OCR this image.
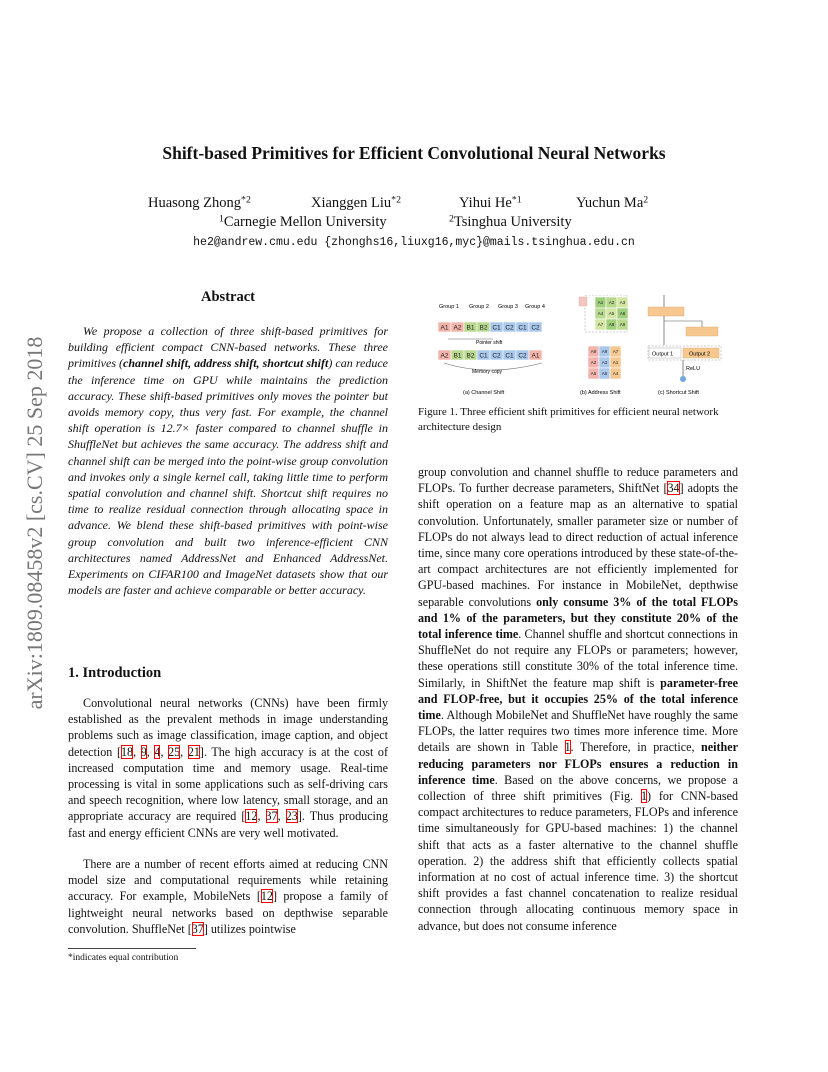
Shift-based Primitives for Efficient Convolutional Neural Networks
Huasong Zhong$^{*2}$	Xianggen Liu$^{*2}$	Yihui He$^{*1}$	Yuchun Ma$^2$
$^1$ Carnegie Mellon University	$^2$ Tsinghua University
he2@andrew.cmu.edu {zhonghs16,liuxg16,myc}@mails.tsinghua.edu.cn
arXiv:1809.08458v2 [cs.CV] 25 Sep 2018
Abstract

We propose a collection of three shift-based primitives for building efficient compact CNN-based networks. These three primitives (channel shift, address shift, shortcut shift) can reduce the inference time on GPU while maintains the prediction accuracy. These shift-based primitives only moves the pointer but avoids memory copy, thus very fast. For example, the channel shift operation is 12.7× faster compared to channel shuffle in ShuffleNet but achieves the same accuracy. The address shift and channel shift can be merged into the point-wise group convolution and invokes only a single kernel call, taking little time to perform spatial convolution and channel shift. Shortcut shift requires no time to realize residual connection through allocating space in advance. We blend these shift-based primitives with point-wise group convolution and built two inference-efficient CNN architectures named AddressNet and Enhanced AddressNet. Experiments on CIFAR100 and ImageNet datasets show that our models are faster and achieve comparable or better accuracy.

1. Introduction

Convolutional neural networks (CNNs) have been firmly established as the prevalent methods in image understanding problems such as image classification, image caption, and object detection [18, 9, 4, 25, 21]. The high accuracy is at the cost of increased computation time and memory usage. Real-time processing is vital in some applications such as self-driving cars and speech recognition, where low latency, small storage, and an appropriate accuracy are required [12, 37, 23]. Thus producing fast and energy efficient CNNs are very well motivated.

There are a number of recent efforts aimed at reducing CNN model size and computational requirements while retaining accuracy. For example, MobileNets [12] propose a family of lightweight neural networks based on depthwise separable convolution. ShuffleNet [37] utilizes pointwise

*indicates equal contribution
Group 1 Group 2 Group 3 Group 4
A1 A2 B1 B2 C1 C2 C1 C2
Pointer shift
A2 B1 B2 C1 C2 C1 C2 A1
Memory copy
(a) Channel Shift
A1 A2 A3
A4 A5 A6
A7 A8 A9
A8 A9 A7
A2 A3 A1
A5 A6 A4
(b) Address Shift
Output 1	Output 2
ReLU
(c) Shortcut Shift

Figure 1. Three efficient shift primitives for efficient neural network architecture design

group convolution and channel shuffle to reduce parameters and FLOPs. To further decrease parameters, ShiftNet [34] adopts the shift operation on a feature map as an alternative to spatial convolution. Unfortunately, smaller parameter size or number of FLOPs do not always lead to direct reduction of actual inference time, since many core operations introduced by these state-of-the-art compact architectures are not efficiently implemented for GPU-based machines. For instance in MobileNet, depthwise separable convolutions only consume 3% of the total FLOPs and 1% of the parameters, but they constitute 20% of the total inference time. Channel shuffle and shortcut connections in ShuffleNet do not require any FLOPs or parameters; however, these operations still constitute 30% of the total inference time. Similarly, in ShiftNet the feature map shift is parameter-free and FLOP-free, but it occupies 25% of the total inference time. Although MobileNet and ShuffleNet have roughly the same FLOPs, the latter requires two times more inference time. More details are shown in Table 1. Therefore, in practice, neither reducing parameters nor FLOPs ensures a reduction in inference time. Based on the above concerns, we propose a collection of three shift primitives (Fig. 1) for CNN-based compact architectures to reduce parameters, FLOPs and inference time simultaneously for GPU-based machines: 1) the channel shift that acts as a faster alternative to the channel shuffle operation. 2) the address shift that efficiently collects spatial information at no cost of actual inference time. 3) the shortcut shift provides a fast channel concatenation to realize residual connection through allocating continuous memory space in advance, but does not consume inference
